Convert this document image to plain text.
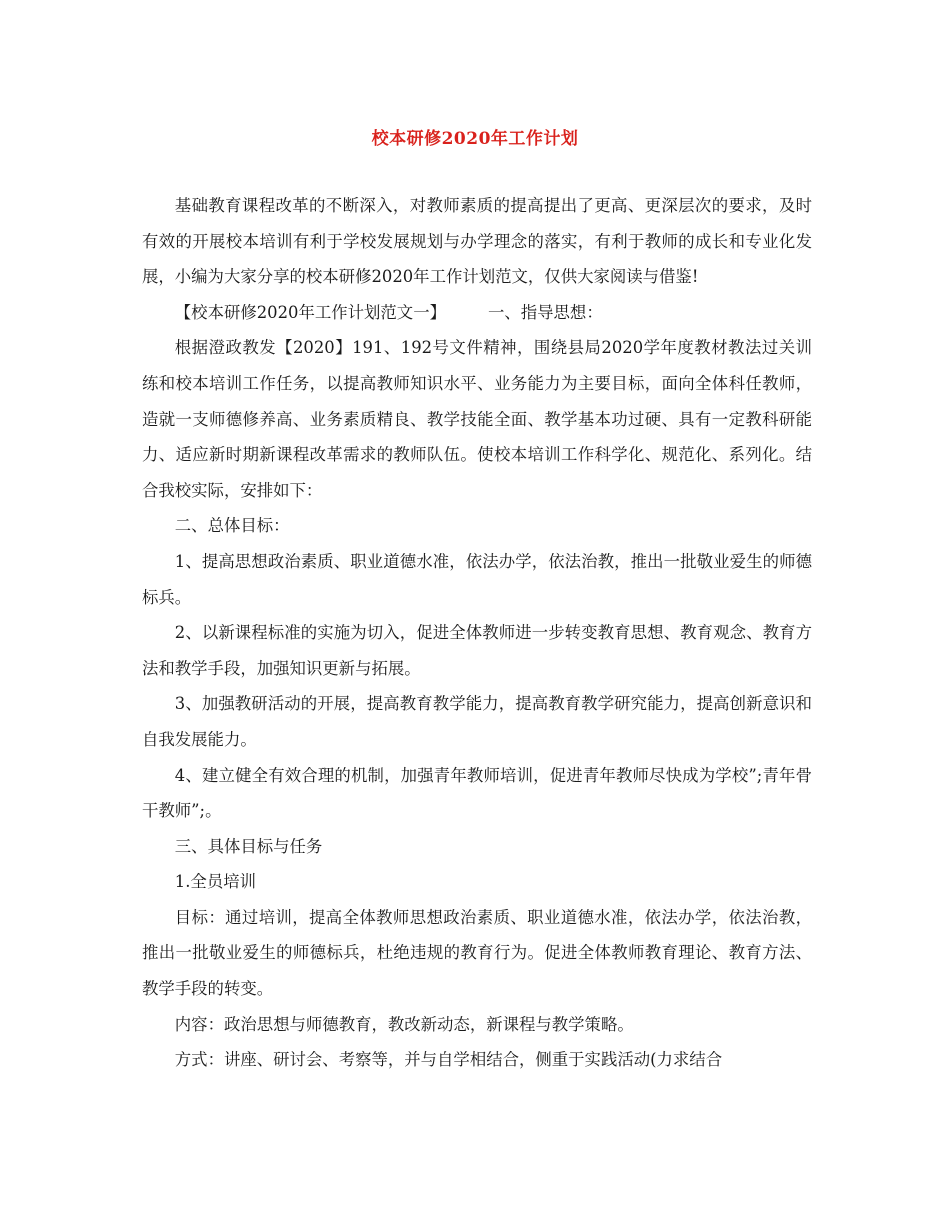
校本研修2020年工作计划

基础教育课程改革的不断深入，对教师素质的提高提出了更高、更深层次的要求，及时有效的开展校本培训有利于学校发展规划与办学理念的落实，有利于教师的成长和专业化发展，小编为大家分享的校本研修2020年工作计划范文，仅供大家阅读与借鉴!

【校本研修2020年工作计划范文一】	一、指导思想：

根据澄政教发【2020】191、192号文件精神，围绕县局2020学年度教材教法过关训练和校本培训工作任务，以提高教师知识水平、业务能力为主要目标，面向全体科任教师，造就一支师德修养高、业务素质精良、教学技能全面、教学基本功过硬、具有一定教科研能力、适应新时期新课程改革需求的教师队伍。使校本培训工作科学化、规范化、系列化。结合我校实际，安排如下：

二、总体目标：

1、提高思想政治素质、职业道德水准，依法办学，依法治教，推出一批敬业爱生的师德标兵。

2、以新课程标准的实施为切入，促进全体教师进一步转变教育思想、教育观念、教育方法和教学手段，加强知识更新与拓展。

3、加强教研活动的开展，提高教育教学能力，提高教育教学研究能力，提高创新意识和自我发展能力。

4、建立健全有效合理的机制，加强青年教师培训，促进青年教师尽快成为学校”;青年骨干教师”;。

三、具体目标与任务

1.全员培训

目标：通过培训，提高全体教师思想政治素质、职业道德水准，依法办学，依法治教，推出一批敬业爱生的师德标兵，杜绝违规的教育行为。促进全体教师教育理论、教育方法、教学手段的转变。

内容：政治思想与师德教育，教改新动态，新课程与教学策略。

方式：讲座、研讨会、考察等，并与自学相结合，侧重于实践活动(力求结合
